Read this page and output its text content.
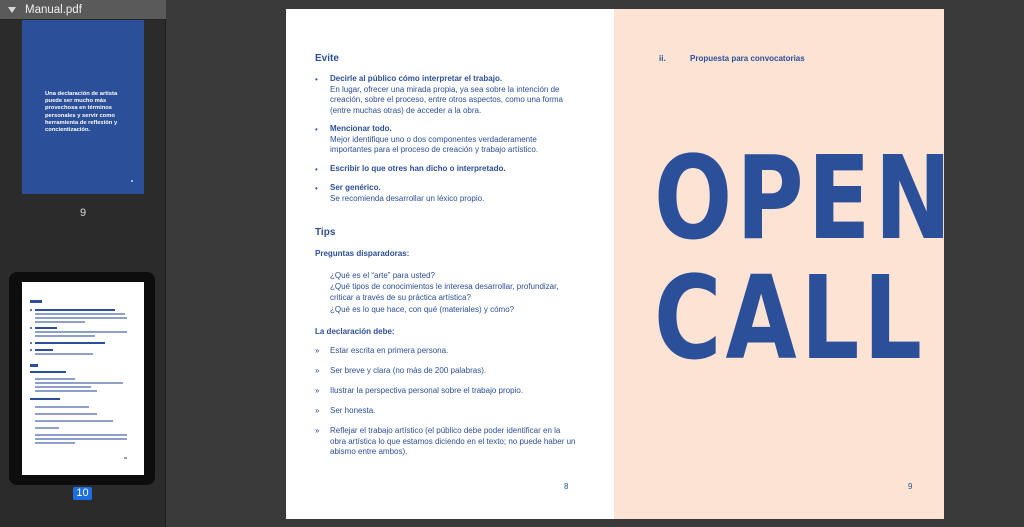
Manual.pdf
Una declaración de artista puede ser mucho más provechosa en términos personales y servir como herramienta de reflexión y concientización.
9
10
Evite
• Decirle al público cómo interpretar el trabajo.
En lugar, ofrecer una mirada propia, ya sea sobre la intención de creación, sobre el proceso, entre otros aspectos, como una forma (entre muchas otras) de acceder a la obra.
• Mencionar todo.
Mejor identifique uno o dos componentes verdaderamente importantes para el proceso de creación y trabajo artístico.
• Escribir lo que otres han dicho o interpretado.
• Ser genérico.
Se recomienda desarrollar un léxico propio.
Tips
Preguntas disparadoras:
¿Qué es el “arte” para usted?
¿Qué tipos de conocimientos le interesa desarrollar, profundizar, criticar a través de su práctica artística?
¿Qué es lo que hace, con qué (materiales) y cómo?
La declaración debe:
» Estar escrita en primera persona.
» Ser breve y clara (no más de 200 palabras).
» Ilustrar la perspectiva personal sobre el trabajo propio.
» Ser honesta.
» Reflejar el trabajo artístico (el público debe poder identificar en la obra artística lo que estamos diciendo en el texto; no puede haber un abismo entre ambos).
8
ii.	Propuesta para convocatorias
OPEN
CALL
9
